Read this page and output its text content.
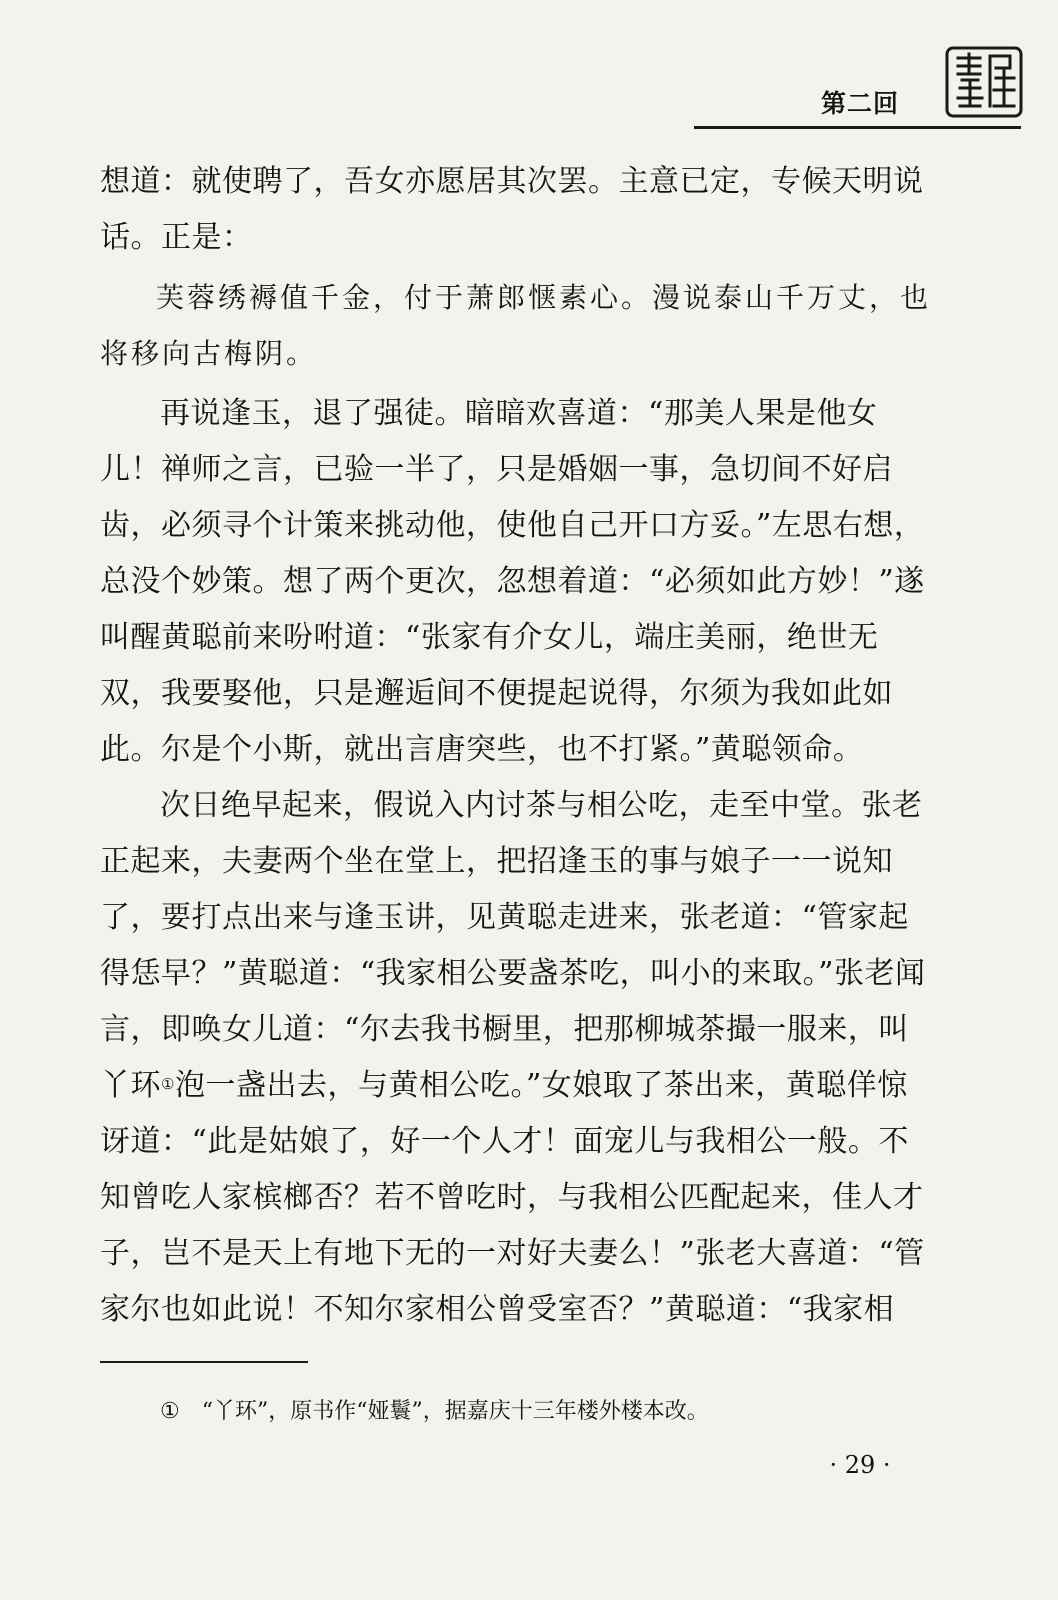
第二回

想道：就使聘了，吾女亦愿居其次罢。主意已定，专候天明说话。正是：

芙蓉绣褥值千金，付于萧郎惬素心。漫说泰山千万丈，也将移向古梅阴。

再说逢玉，退了强徒。暗暗欢喜道：“那美人果是他女儿！禅师之言，已验一半了，只是婚姻一事，急切间不好启齿，必须寻个计策来挑动他，使他自己开口方妥。”左思右想，总没个妙策。想了两个更次，忽想着道：“必须如此方妙！”遂叫醒黄聪前来吩咐道：“张家有介女儿，端庄美丽，绝世无双，我要娶他，只是邂逅间不便提起说得，尔须为我如此如此。尔是个小斯，就出言唐突些，也不打紧。”黄聪领命。

次日绝早起来，假说入内讨茶与相公吃，走至中堂。张老正起来，夫妻两个坐在堂上，把招逢玉的事与娘子一一说知了，要打点出来与逢玉讲，见黄聪走进来，张老道：“管家起得恁早？”黄聪道：“我家相公要盏茶吃，叫小的来取。”张老闻言，即唤女儿道：“尔去我书橱里，把那柳城茶撮一服来，叫丫环①泡一盏出去，与黄相公吃。”女娘取了茶出来，黄聪佯惊讶道：“此是姑娘了，好一个人才！面宠儿与我相公一般。不知曾吃人家槟榔否？若不曾吃时，与我相公匹配起来，佳人才子，岂不是天上有地下无的一对好夫妻么！”张老大喜道：“管家尔也如此说！不知尔家相公曾受室否？”黄聪道：“我家相

① “丫环”，原书作“娅鬟”，据嘉庆十三年楼外楼本改。
· 29 ·
